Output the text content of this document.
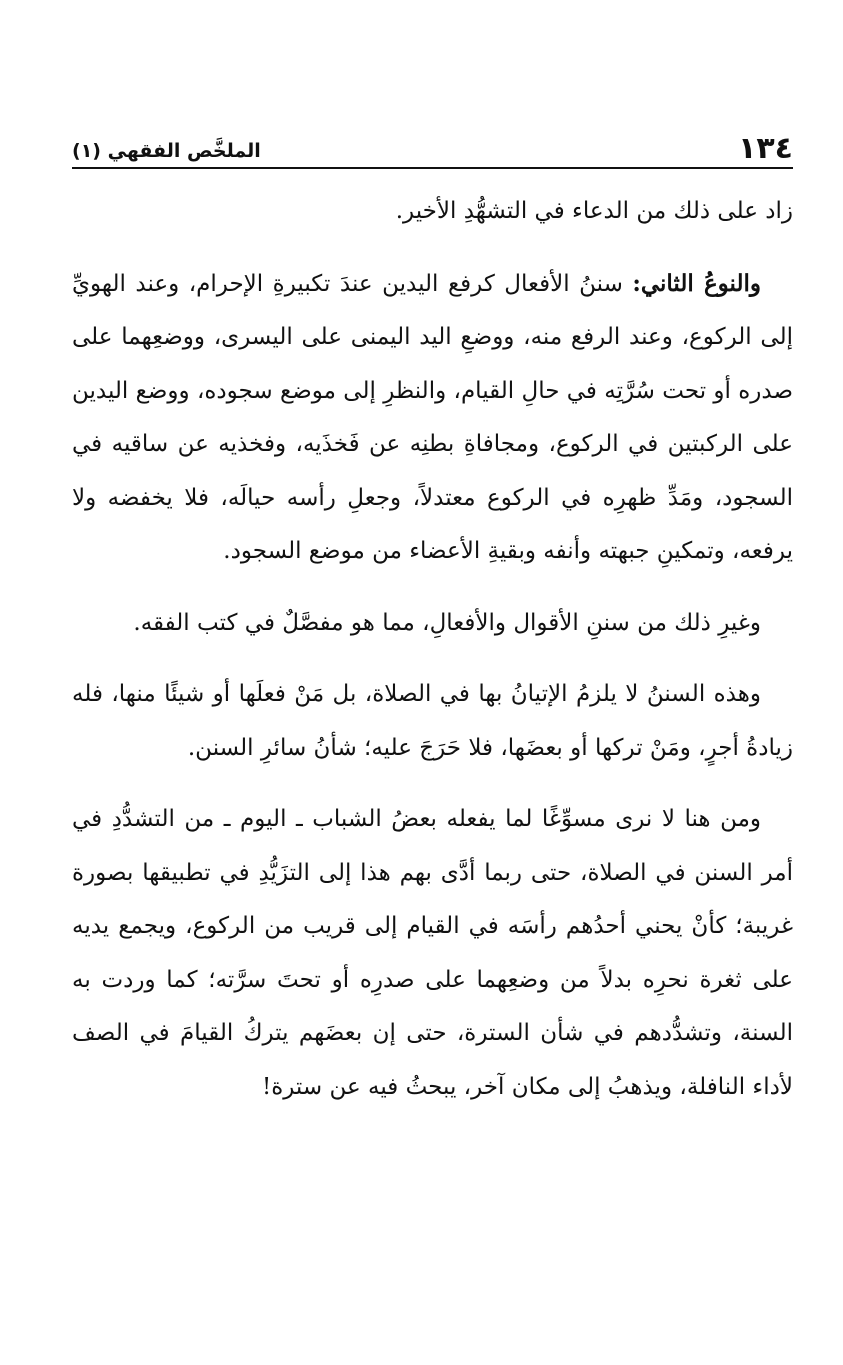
١٣٤
الملخَّص الفقهي (١)

زاد على ذلك من الدعاء في التشهُّدِ الأخير.

والنوعُ الثاني: سننُ الأفعال كرفع اليدين عندَ تكبيرةِ الإحرام، وعند الهويِّ إلى الركوع، وعند الرفع منه، ووضعِ اليد اليمنى على اليسرى، ووضعِهما على صدره أو تحت سُرَّتِه في حالِ القيام، والنظرِ إلى موضع سجوده، ووضع اليدين على الركبتين في الركوع، ومجافاةِ بطنِه عن فَخذَيه، وفخذيه عن ساقيه في السجود، ومَدِّ ظهرِه في الركوع معتدلاً، وجعلِ رأسه حيالَه، فلا يخفضه ولا يرفعه، وتمكينِ جبهته وأنفه وبقيةِ الأعضاء من موضع السجود.

وغيرِ ذلك من سننِ الأقوال والأفعالِ، مما هو مفصَّلٌ في كتب الفقه.

وهذه السننُ لا يلزمُ الإتيانُ بها في الصلاة، بل مَنْ فعلَها أو شيئًا منها، فله زيادةُ أجرٍ، ومَنْ تركها أو بعضَها، فلا حَرَجَ عليه؛ شأنُ سائرِ السنن.

ومن هنا لا نرى مسوِّغًا لما يفعله بعضُ الشباب ـ اليوم ـ من التشدُّدِ في أمر السنن في الصلاة، حتى ربما أدَّى بهم هذا إلى التزَيُّدِ في تطبيقها بصورة غريبة؛ كأنْ يحني أحدُهم رأسَه في القيام إلى قريب من الركوع، ويجمع يديه على ثغرة نحرِه بدلاً من وضعِهما على صدرِه أو تحتَ سرَّته؛ كما وردت به السنة، وتشدُّدهم في شأن السترة، حتى إن بعضَهم يتركُ القيامَ في الصف لأداء النافلة، ويذهبُ إلى مكان آخر، يبحثُ فيه عن سترة!
